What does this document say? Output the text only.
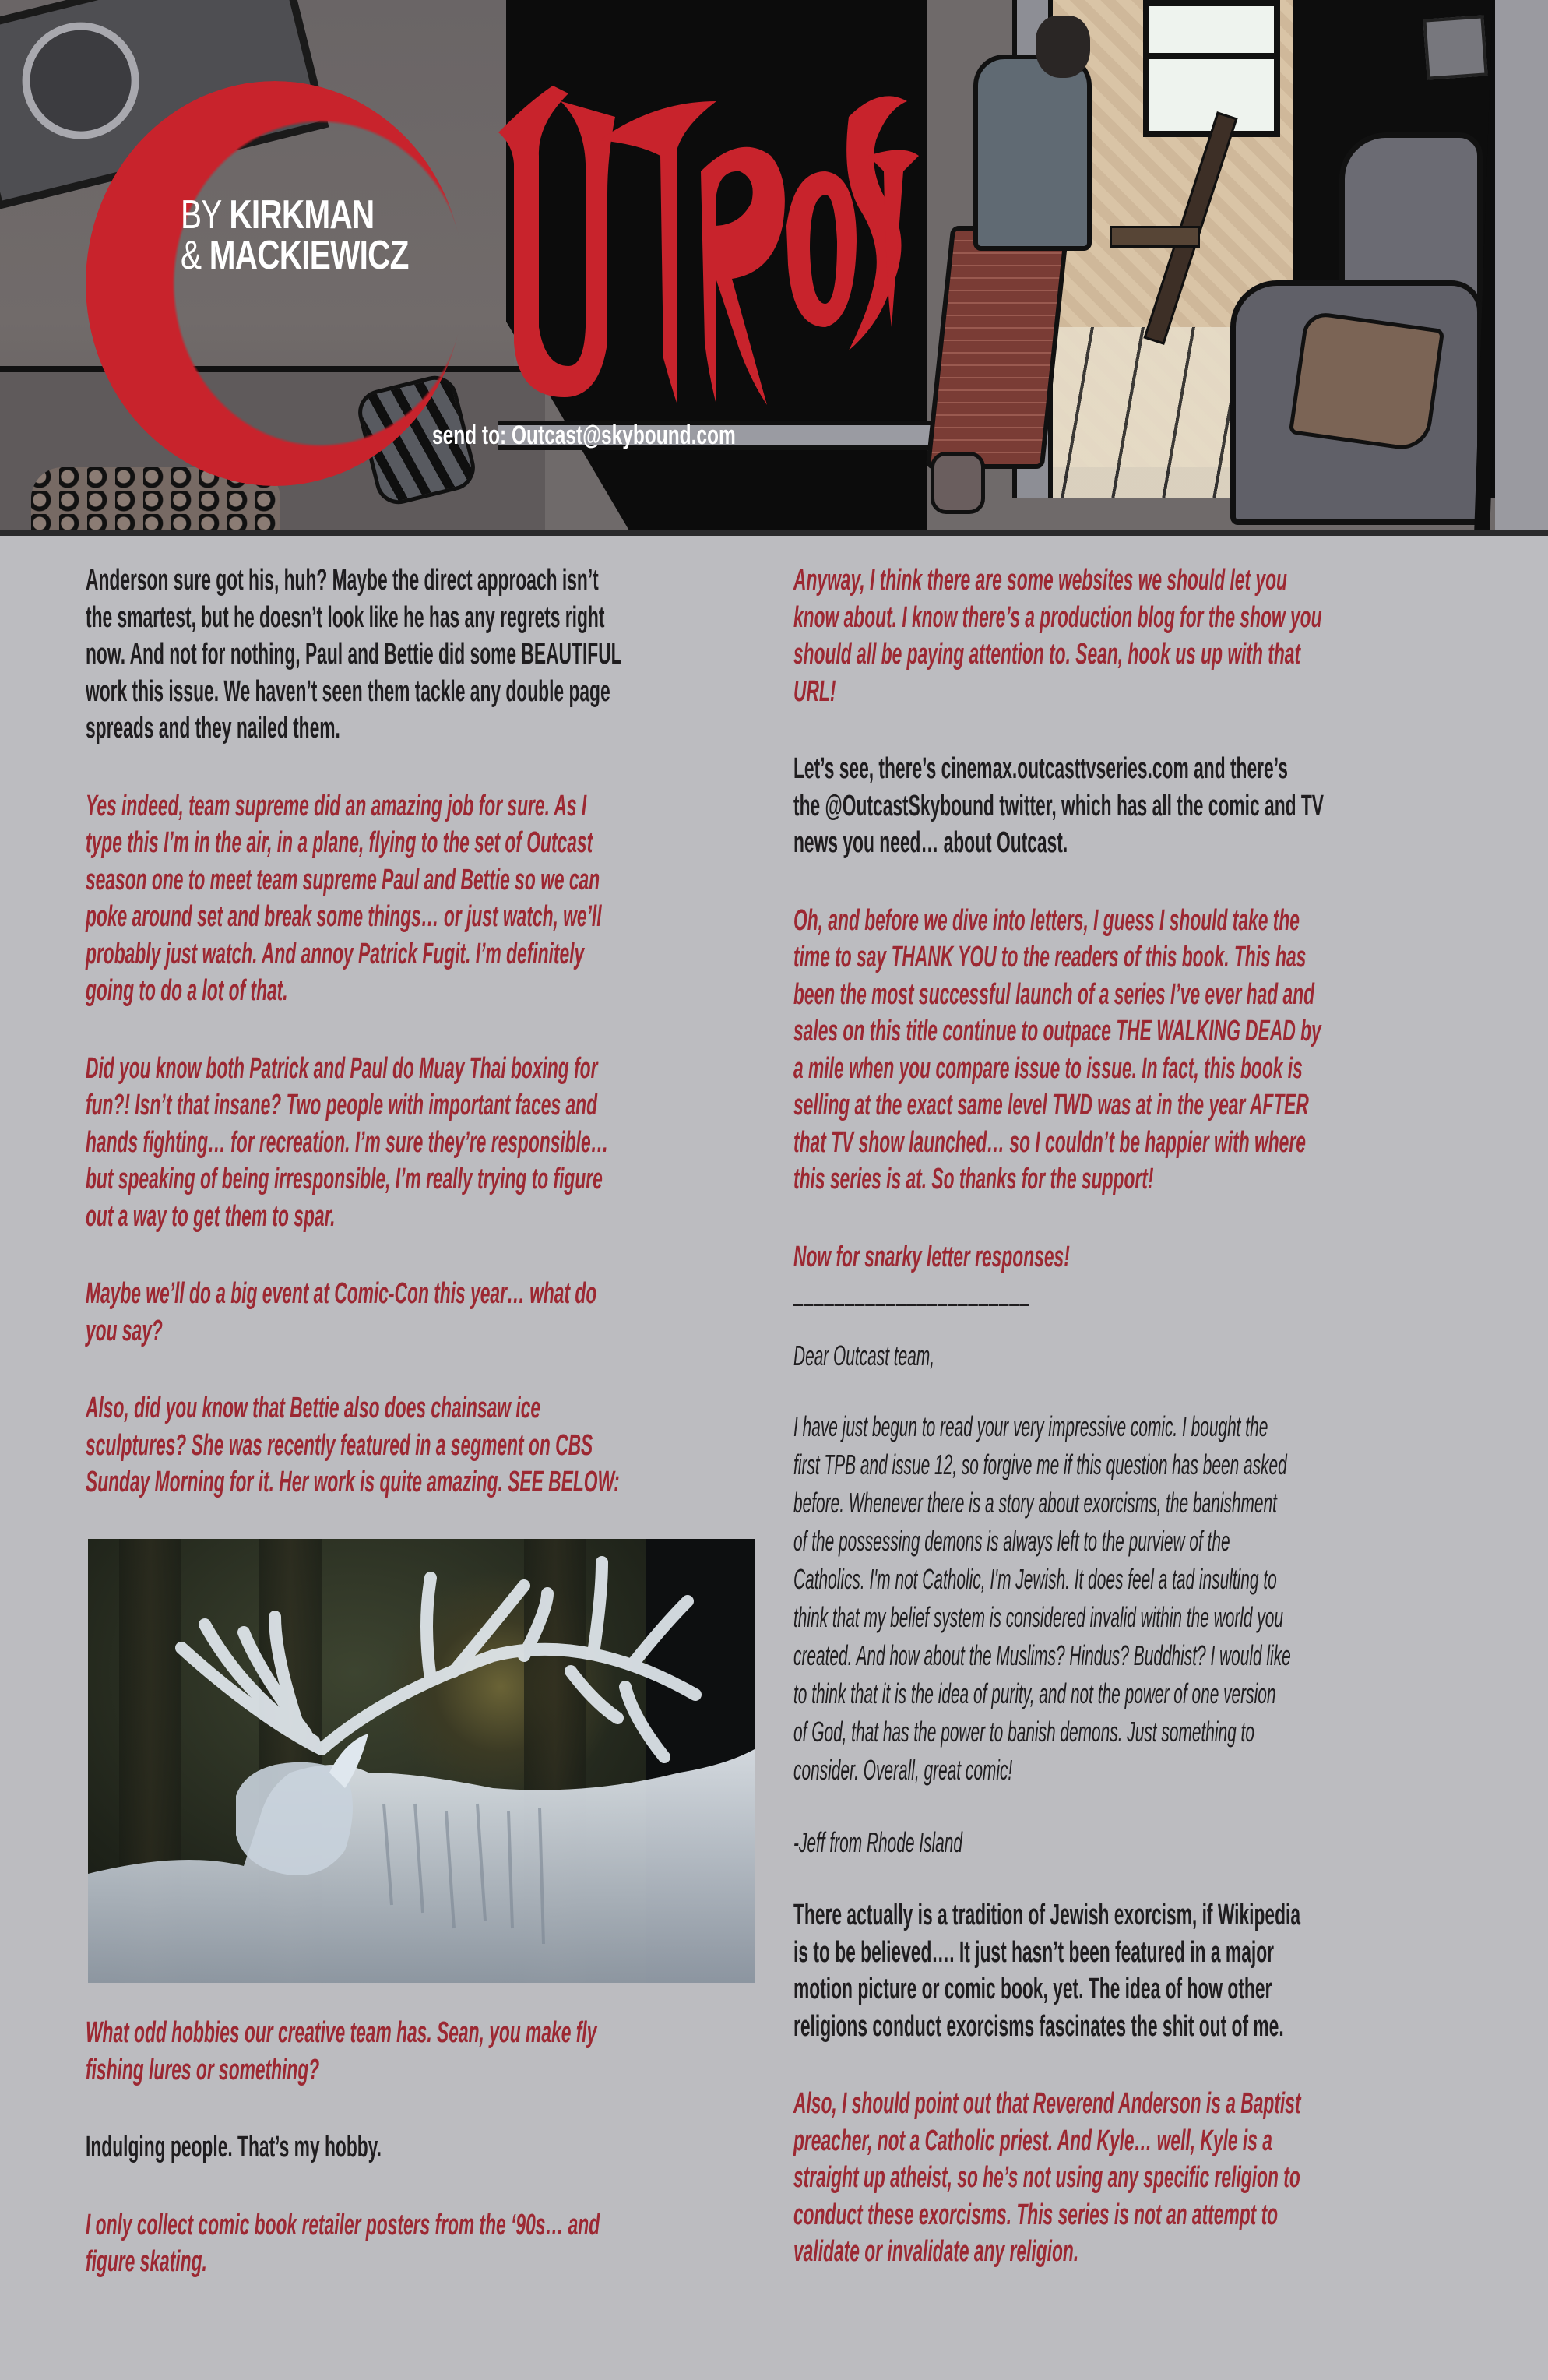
BY KIRKMAN
& MACKIEWICZ
send to: Outcast@skybound.com
Anderson sure got his, huh? Maybe the direct approach isn’t
the smartest, but he doesn’t look like he has any regrets right
now. And not for nothing, Paul and Bettie did some BEAUTIFUL
work this issue. We haven’t seen them tackle any double page
spreads and they nailed them.
Yes indeed, team supreme did an amazing job for sure. As I
type this I’m in the air, in a plane, flying to the set of Outcast
season one to meet team supreme Paul and Bettie so we can
poke around set and break some things… or just watch, we’ll
probably just watch. And annoy Patrick Fugit. I’m definitely
going to do a lot of that.
Did you know both Patrick and Paul do Muay Thai boxing for
fun?! Isn’t that insane? Two people with important faces and
hands fighting… for recreation. I’m sure they’re responsible…
but speaking of being irresponsible, I’m really trying to figure
out a way to get them to spar.
Maybe we’ll do a big event at Comic-Con this year… what do
you say?
Also, did you know that Bettie also does chainsaw ice
sculptures? She was recently featured in a segment on CBS
Sunday Morning for it. Her work is quite amazing. SEE BELOW:
What odd hobbies our creative team has. Sean, you make fly
fishing lures or something?
Indulging people. That’s my hobby.
I only collect comic book retailer posters from the ‘90s… and
figure skating.
Anyway, I think there are some websites we should let you
know about. I know there’s a production blog for the show you
should all be paying attention to. Sean, hook us up with that
URL!
Let’s see, there’s cinemax.outcasttvseries.com and there’s
the @OutcastSkybound twitter, which has all the comic and TV
news you need… about Outcast.
Oh, and before we dive into letters, I guess I should take the
time to say THANK YOU to the readers of this book. This has
been the most successful launch of a series I’ve ever had and
sales on this title continue to outpace THE WALKING DEAD by
a mile when you compare issue to issue. In fact, this book is
selling at the exact same level TWD was at in the year AFTER
that TV show launched… so I couldn’t be happier with where
this series is at. So thanks for the support!
Now for snarky letter responses!
_______________________
Dear Outcast team,
I have just begun to read your very impressive comic. I bought the
first TPB and issue 12, so forgive me if this question has been asked
before. Whenever there is a story about exorcisms, the banishment
of the possessing demons is always left to the purview of the
Catholics. I'm not Catholic, I'm Jewish. It does feel a tad insulting to
think that my belief system is considered invalid within the world you
created. And how about the Muslims? Hindus? Buddhist? I would like
to think that it is the idea of purity, and not the power of one version
of God, that has the power to banish demons. Just something to
consider. Overall, great comic!
-Jeff from Rhode Island
There actually is a tradition of Jewish exorcism, if Wikipedia
is to be believed…. It just hasn’t been featured in a major
motion picture or comic book, yet. The idea of how other
religions conduct exorcisms fascinates the shit out of me.
Also, I should point out that Reverend Anderson is a Baptist
preacher, not a Catholic priest. And Kyle… well, Kyle is a
straight up atheist, so he’s not using any specific religion to
conduct these exorcisms. This series is not an attempt to
validate or invalidate any religion.
